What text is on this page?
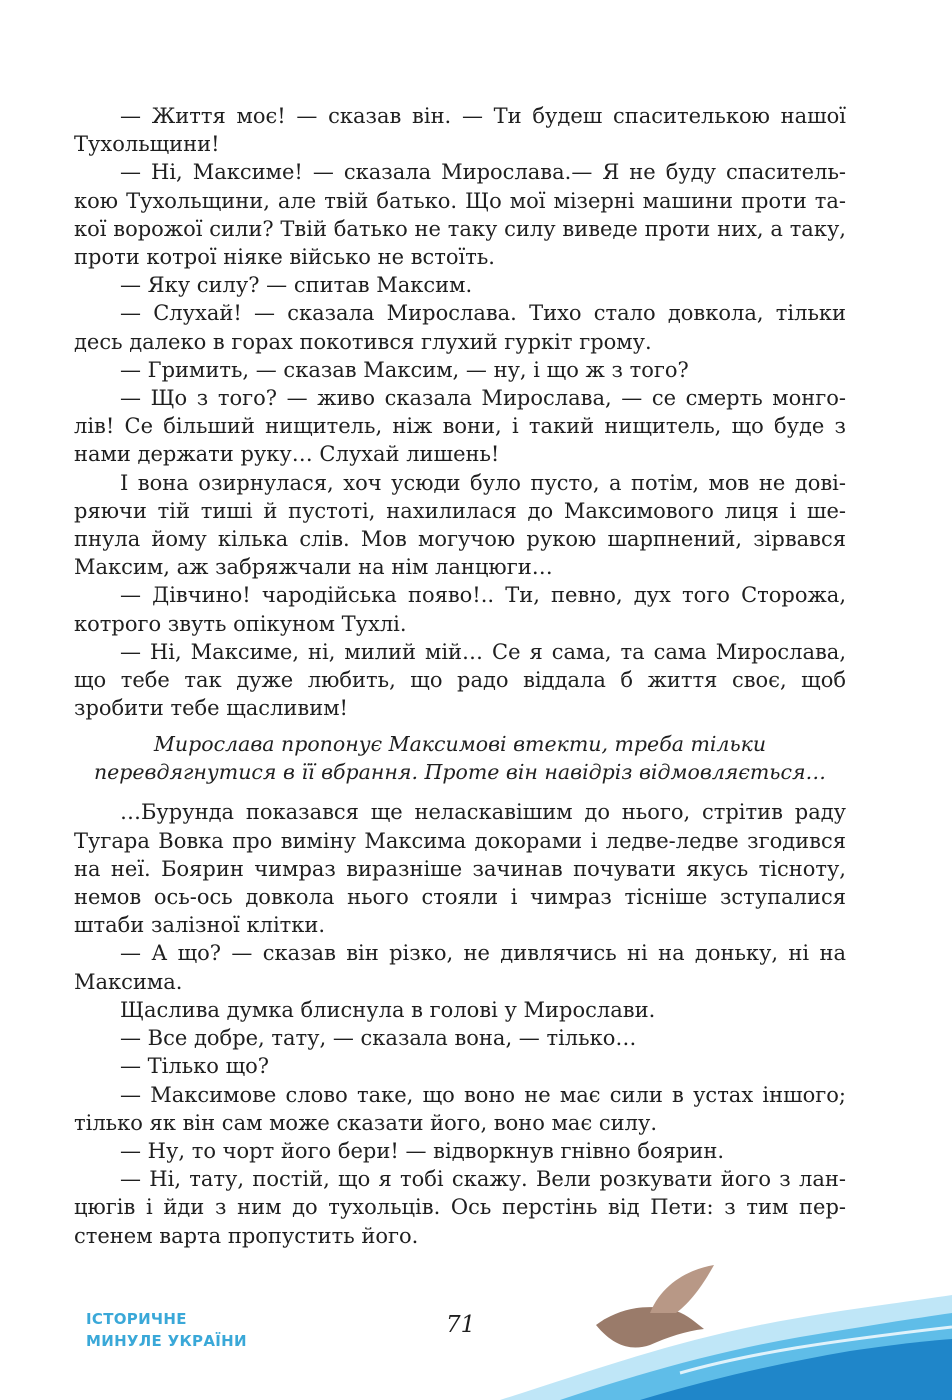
— Життя моє! — сказав він. — Ти будеш спасителькою нашої Тухольщини!

— Ні, Максиме! — сказала Мирослава.— Я не буду спасителькою Тухольщини, але твій батько. Що мої мізерні машини проти такої ворожої сили? Твій батько не таку силу виведе проти них, а таку, проти котрої ніяке військо не встоїть.

— Яку силу? — спитав Максим.

— Слухай! — сказала Мирослава. Тихо стало довкола, тільки десь далеко в горах покотився глухий гуркіт грому.

— Гримить, — сказав Максим, — ну, і що ж з того?

— Що з того? — живо сказала Мирослава, — се смерть монголів! Се більший нищитель, ніж вони, і такий нищитель, що буде з нами держати руку… Слухай лишень!

І вона озирнулася, хоч усюди було пусто, а потім, мов не довіряючи тій тиші й пустоті, нахилилася до Максимового лиця і шепнула йому кілька слів. Мов могучою рукою шарпнений, зірвався Максим, аж забряжчали на нім ланцюги…

— Дівчино! чародійська появо!.. Ти, певно, дух того Сторожа, котрого звуть опікуном Тухлі.

— Ні, Максиме, ні, милий мій… Се я сама, та сама Мирослава, що тебе так дуже любить, що радо віддала б життя своє, щоб зробити тебе щасливим!

Мирослава пропонує Максимові втекти, треба тільки
перевдягнутися в її вбрання. Проте він навідріз відмовляється…

…Бурунда показався ще неласкавішим до нього, стрітив раду Тугара Вовка про виміну Максима докорами і ледве-ледве згодився на неї. Боярин чимраз виразніше зачинав почувати якусь тісноту, немов ось-ось довкола нього стояли і чимраз тісніше зступалися штаби залізної клітки.

— А що? — сказав він різко, не дивлячись ні на доньку, ні на Максима.

Щаслива думка блиснула в голові у Мирослави.

— Все добре, тату, — сказала вона, — тілько…

— Тілько що?

— Максимове слово таке, що воно не має сили в устах іншого; тілько як він сам може сказати його, воно має силу.

— Ну, то чорт його бери! — відворкнув гнівно боярин.

— Ні, тату, постій, що я тобі скажу. Вели розкувати його з ланцюгів і йди з ним до тухольців. Ось перстінь від Пети: з тим перстенем варта пропустить його.

ІСТОРИЧНЕ
МИНУЛЕ УКРАЇНИ
71
